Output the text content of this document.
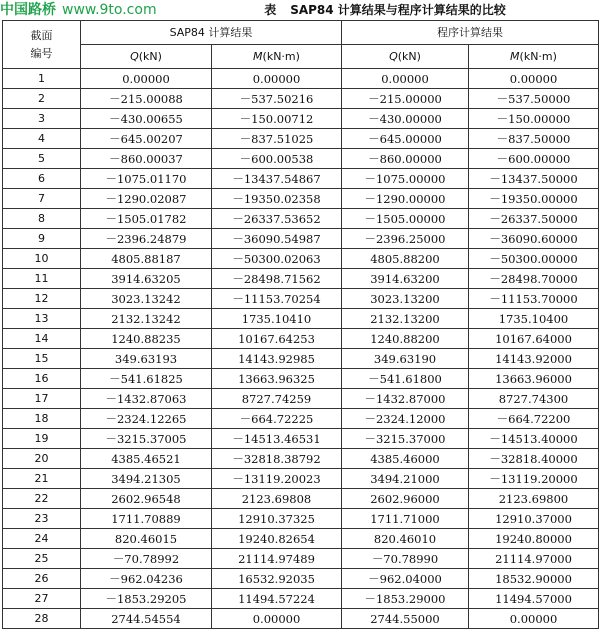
表 SAP84 计算结果与程序计算结果的比较
中国路桥 www.9to.com
截面
编号	SAP84 计算结果		程序计算结果	
	Q(kN)	M(kN·m)	Q(kN)	M(kN·m)
1	0.00000	0.00000	0.00000	0.00000
2	－215.00088	－537.50216	－215.00000	－537.50000
3	－430.00655	－150.00712	－430.00000	－150.00000
4	－645.00207	－837.51025	－645.00000	－837.50000
5	－860.00037	－600.00538	－860.00000	－600.00000
6	－1075.01170	－13437.54867	－1075.00000	－13437.50000
7	－1290.02087	－19350.02358	－1290.00000	－19350.00000
8	－1505.01782	－26337.53652	－1505.00000	－26337.50000
9	－2396.24879	－36090.54987	－2396.25000	－36090.60000
10	4805.88187	－50300.02063	4805.88200	－50300.00000
11	3914.63205	－28498.71562	3914.63200	－28498.70000
12	3023.13242	－11153.70254	3023.13200	－11153.70000
13	2132.13242	1735.10410	2132.13200	1735.10400
14	1240.88235	10167.64253	1240.88200	10167.64000
15	349.63193	14143.92985	349.63190	14143.92000
16	－541.61825	13663.96325	－541.61800	13663.96000
17	－1432.87063	8727.74259	－1432.87000	8727.74300
18	－2324.12265	－664.72225	－2324.12000	－664.72200
19	－3215.37005	－14513.46531	－3215.37000	－14513.40000
20	4385.46521	－32818.38792	4385.46000	－32818.40000
21	3494.21305	－13119.20023	3494.21000	－13119.20000
22	2602.96548	2123.69808	2602.96000	2123.69800
23	1711.70889	12910.37325	1711.71000	12910.37000
24	820.46015	19240.82654	820.46010	19240.80000
25	－70.78992	21114.97489	－70.78990	21114.97000
26	－962.04236	16532.92035	－962.04000	18532.90000
27	－1853.29205	11494.57224	－1853.29000	11494.57000
28	2744.54554	0.00000	2744.55000	0.00000
